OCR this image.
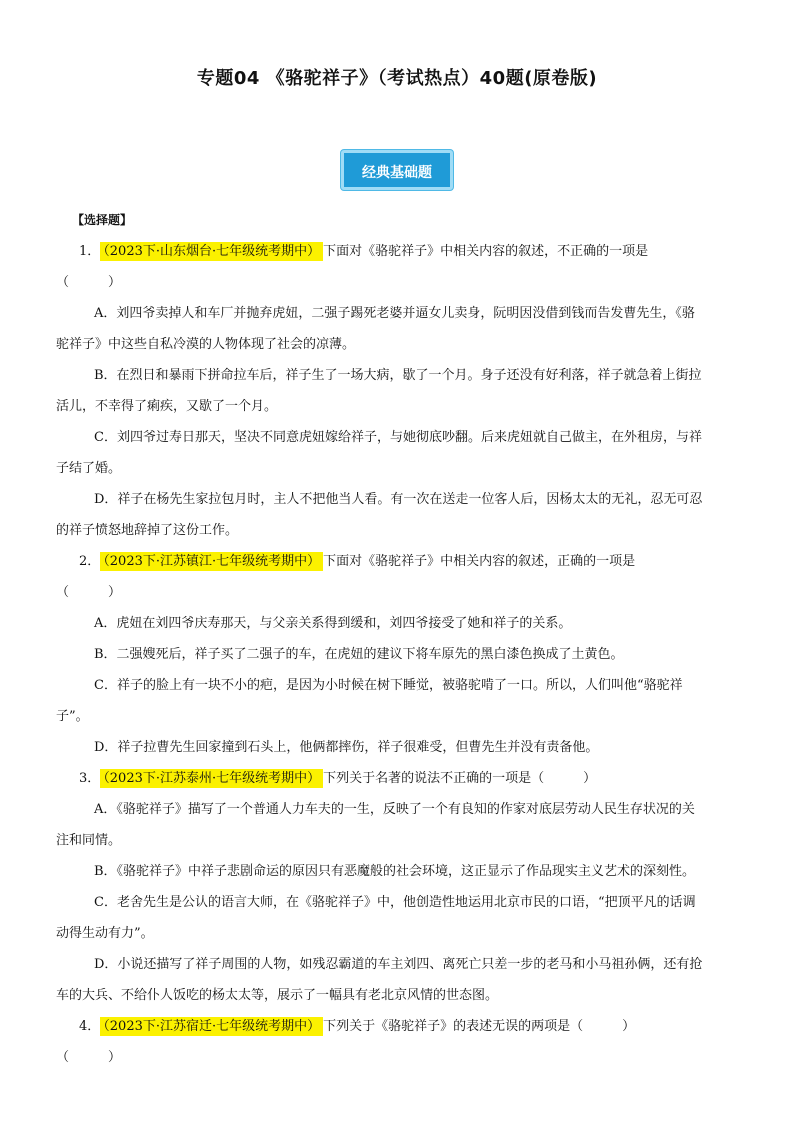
专题04 《骆驼祥子》（考试热点）40题(原卷版)
经典基础题
【选择题】
1． （2023下·山东烟台·七年级统考期中） 下面对《骆驼祥子》中相关内容的叙述，不正确的一项是
（　　　）
A．刘四爷卖掉人和车厂并抛弃虎妞，二强子踢死老婆并逼女儿卖身，阮明因没借到钱而告发曹先生，《骆
驼祥子》中这些自私冷漠的人物体现了社会的凉薄。
B．在烈日和暴雨下拼命拉车后，祥子生了一场大病，歇了一个月。身子还没有好利落，祥子就急着上街拉
活儿，不幸得了痢疾，又歇了一个月。
C．刘四爷过寿日那天，坚决不同意虎妞嫁给祥子，与她彻底吵翻。后来虎妞就自己做主，在外租房，与祥
子结了婚。
D．祥子在杨先生家拉包月时，主人不把他当人看。有一次在送走一位客人后，因杨太太的无礼，忍无可忍
的祥子愤怒地辞掉了这份工作。
2． （2023下·江苏镇江·七年级统考期中） 下面对《骆驼祥子》中相关内容的叙述，正确的一项是
（　　　）
A．虎妞在刘四爷庆寿那天，与父亲关系得到缓和，刘四爷接受了她和祥子的关系。
B．二强嫂死后，祥子买了二强子的车，在虎妞的建议下将车原先的黑白漆色换成了土黄色。
C．祥子的脸上有一块不小的疤，是因为小时候在树下睡觉，被骆驼啃了一口。所以，人们叫他“骆驼祥
子”。
D．祥子拉曹先生回家撞到石头上，他俩都摔伤，祥子很难受，但曹先生并没有责备他。
3． （2023下·江苏泰州·七年级统考期中） 下列关于名著的说法不正确的一项是（　　　）
A．《骆驼祥子》描写了一个普通人力车夫的一生，反映了一个有良知的作家对底层劳动人民生存状况的关
注和同情。
B．《骆驼祥子》中祥子悲剧命运的原因只有恶魔般的社会环境，这正显示了作品现实主义艺术的深刻性。
C．老舍先生是公认的语言大师，在《骆驼祥子》中，他创造性地运用北京市民的口语，“把顶平凡的话调
动得生动有力”。
D．小说还描写了祥子周围的人物，如残忍霸道的车主刘四、离死亡只差一步的老马和小马祖孙俩，还有抢
车的大兵、不给仆人饭吃的杨太太等，展示了一幅具有老北京风情的世态图。
4． （2023下·江苏宿迁·七年级统考期中） 下列关于《骆驼祥子》的表述无误的两项是（　　　）
（　　　）
